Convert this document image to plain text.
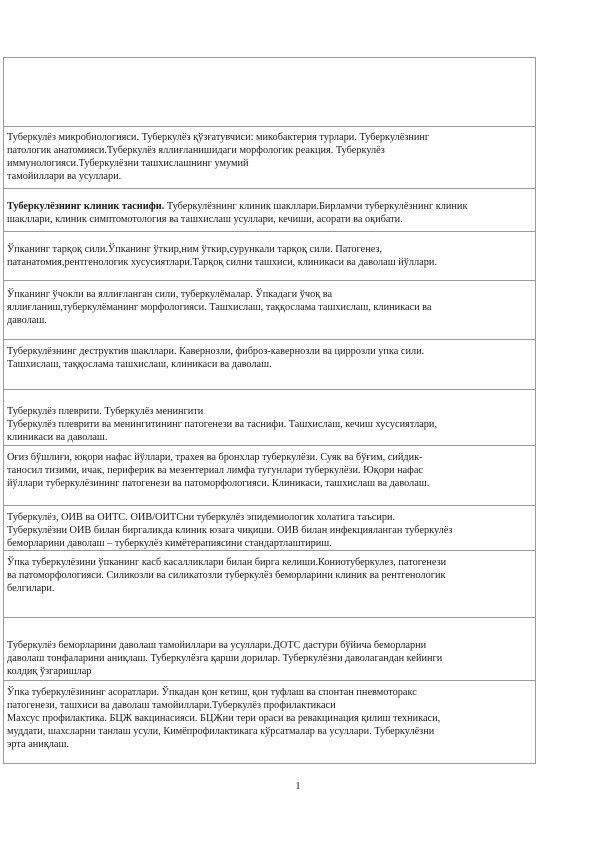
Туберкулёз микробиологияси. Туберкулёз қўзғатувчиси: микобактерия турлари. Туберкулёзнинг

патологик анатомияси.Туберкулёз яллиғланишидаги морфологик реакция. Туберкулёз

иммунологияси.Туберкулёзни ташхислашнинг умумий

тамойиллари ва усуллари.

Туберкулёзнинг клиник таснифи. Туберкулёзнинг клиник шакллари.Бирламчи туберкулёзнинг клиник

шакллари, клиник симптомотология ва ташхислаш усуллари, кечиши, асорати ва оқибати.

Ўпканинг тарқоқ сили.Ўпканинг ўткир,ним ўткир,сурункали тарқоқ сили. Патогенез,

патанатомия,рентгенологик хусусиятлари.Тарқоқ силни ташхиси, клиникаси ва даволаш йўллари.

Ўпканинг ўчокли ва яллиғланган сили, туберкулёмалар. Ўпкадаги ўчоқ ва

яллиғланиш,туберкулёманинг морфологияси. Ташхислаш, таққослама ташхислаш, клиникаси ва

даволаш.

Туберкулёзнинг деструктив шакллари. Кавернозли, фиброз-кавернозли ва циррозли упка сили.

Ташхислаш, таққослама ташхислаш, клиникаси ва даволаш.

Туберкулёз плеврити. Туберкулёз менингити

Туберкулёз плеврити ва менингитининг патогенези ва таснифи. Ташхислаш, кечиш хусусиятлари,

клиникаси ва даволаш.

Оғиз бўшлиғи, юқори нафас йўллари, трахея ва бронхлар туберкулёзи. Суяк ва бўғим, сийдик-

таносил тизими, ичак, периферик ва мезентериал лимфа тугунлари туберкулёзи. Юқори нафас

йўллари туберкулёзининг патогенези ва патоморфологияси. Клиникаси, ташхислаш ва даволаш.

Туберкулёз, ОИВ ва ОИТС. ОИВ/ОИТСни туберкулёз эпидемиологик холатига таъсири.

Туберкулёзни ОИВ билан биргаликда клиник юзага чиқиши. ОИВ билан инфекцияланган туберкулёз

беморларини даволаш – туберкулёз кимётерапиясини стандартлаштириш.

Ўпка туберкулёзини ўпканинг касб касалликлари билан бирга келиши.Кониотуберкулез, патогенези

ва патоморфологияси. Силикозли ва силикатозли туберкулёз беморларини клиник ва рентгенологик

белгилари.

Туберкулёз беморларини даволаш тамойиллари ва усуллари.ДОТС дастури бўйича беморларни

даволаш тонфаларини аниқлаш. Туберкулёзга қарши дорилар. Туберкулёзни даволагандан кейинги

колдиқ ўзгаришлар

Ўпка туберкулёзининг асоратлари. Ўпкадан қон кетиш, қон туфлаш ва спонтан пневмоторакс

патогенези, ташхиси ва даволаш тамойиллари.Туберкулёз профилактикаси

Махсус профилактика. БЦЖ вакцинасияси. БЦЖни тери ораси ва ревакцинация қилиш техникаси,

муддати, шахсларни танлаш усули, Кимёпрофилактикага кўрсатмалар ва усуллари. Туберкулёзни

эрта аниқлаш.

1
